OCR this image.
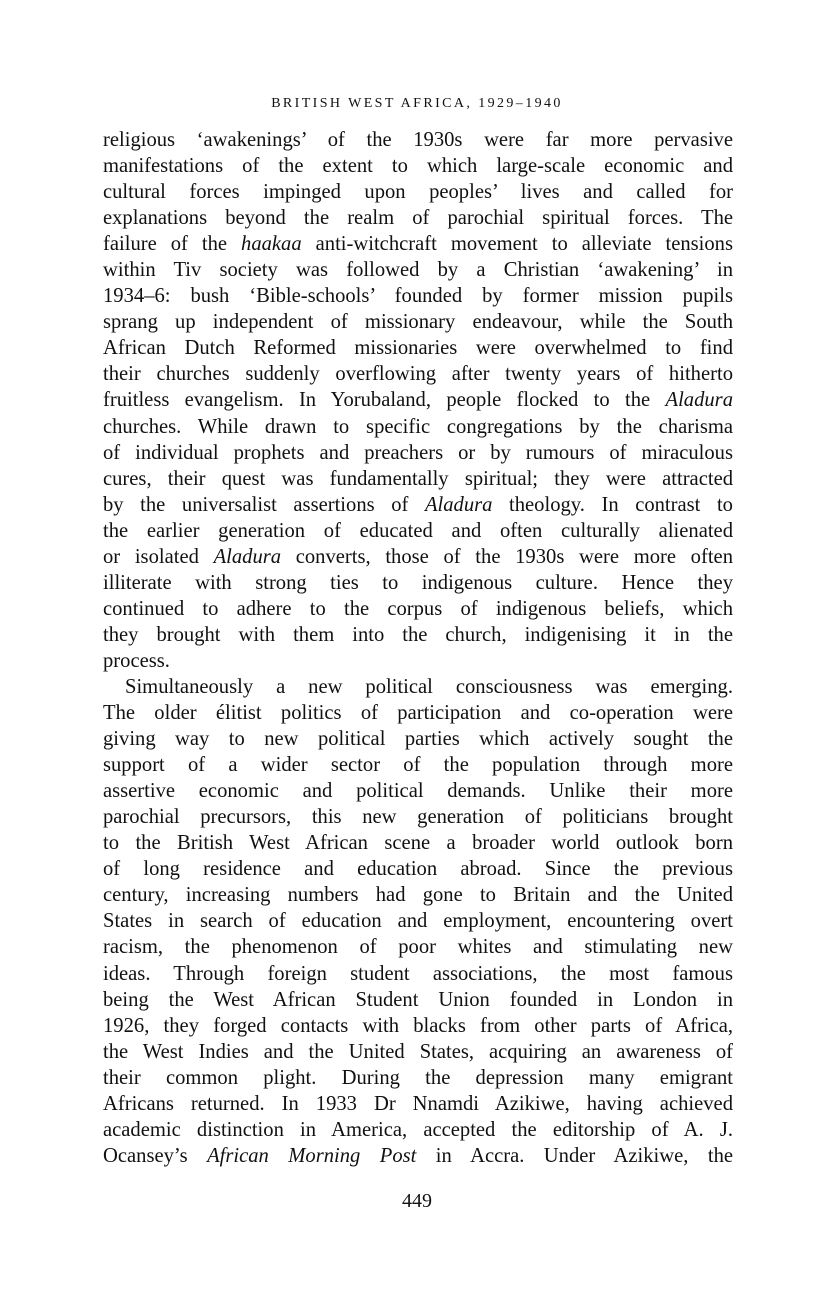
BRITISH WEST AFRICA, 1929–1940
religious ‘awakenings’ of the 1930s were far more pervasive
manifestations of the extent to which large-scale economic and
cultural forces impinged upon peoples’ lives and called for
explanations beyond the realm of parochial spiritual forces. The
failure of the haakaa anti-witchcraft movement to alleviate tensions
within Tiv society was followed by a Christian ‘awakening’ in
1934–6: bush ‘Bible-schools’ founded by former mission pupils
sprang up independent of missionary endeavour, while the South
African Dutch Reformed missionaries were overwhelmed to find
their churches suddenly overflowing after twenty years of hitherto
fruitless evangelism. In Yorubaland, people flocked to the Aladura
churches. While drawn to specific congregations by the charisma
of individual prophets and preachers or by rumours of miraculous
cures, their quest was fundamentally spiritual; they were attracted
by the universalist assertions of Aladura theology. In contrast to
the earlier generation of educated and often culturally alienated
or isolated Aladura converts, those of the 1930s were more often
illiterate with strong ties to indigenous culture. Hence they
continued to adhere to the corpus of indigenous beliefs, which
they brought with them into the church, indigenising it in the
process.
Simultaneously a new political consciousness was emerging.
The older élitist politics of participation and co-operation were
giving way to new political parties which actively sought the
support of a wider sector of the population through more
assertive economic and political demands. Unlike their more
parochial precursors, this new generation of politicians brought
to the British West African scene a broader world outlook born
of long residence and education abroad. Since the previous
century, increasing numbers had gone to Britain and the United
States in search of education and employment, encountering overt
racism, the phenomenon of poor whites and stimulating new
ideas. Through foreign student associations, the most famous
being the West African Student Union founded in London in
1926, they forged contacts with blacks from other parts of Africa,
the West Indies and the United States, acquiring an awareness of
their common plight. During the depression many emigrant
Africans returned. In 1933 Dr Nnamdi Azikiwe, having achieved
academic distinction in America, accepted the editorship of A. J.
Ocansey’s African Morning Post in Accra. Under Azikiwe, the
449
